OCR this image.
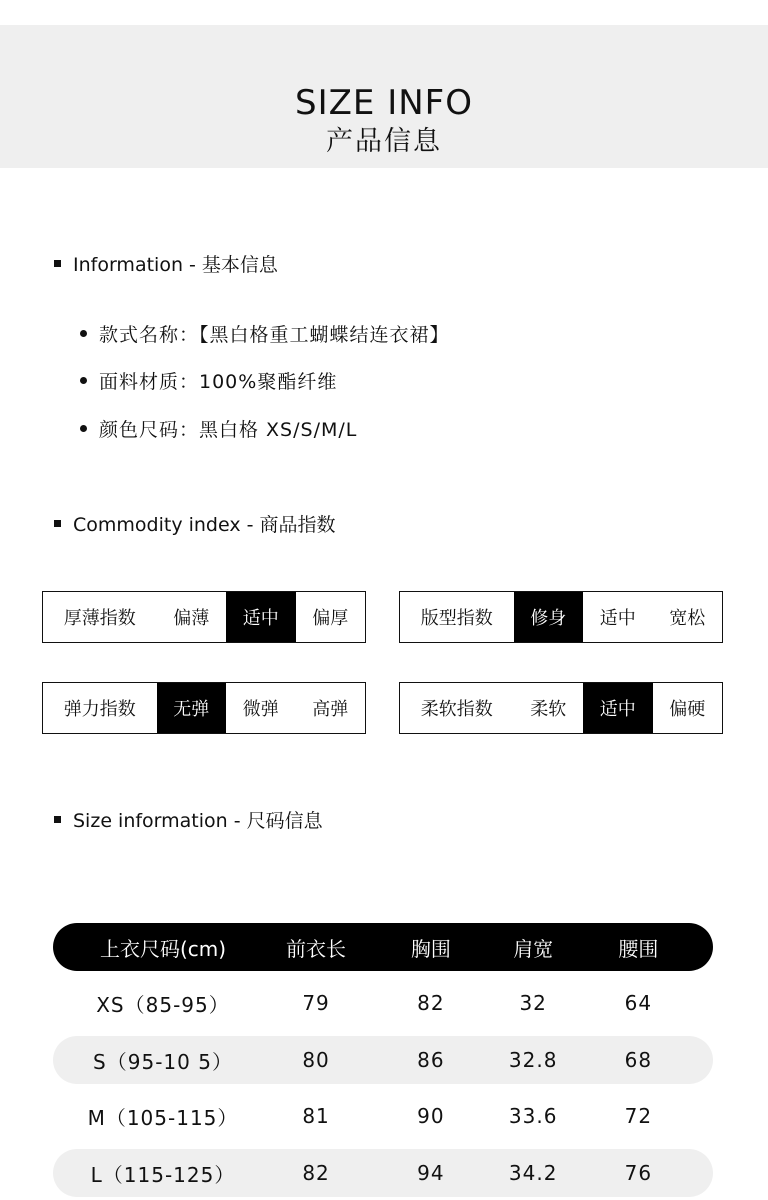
SIZE INFO
产品信息
Information - 基本信息
款式名称：【黑白格重工蝴蝶结连衣裙】
面料材质：100%聚酯纤维
颜色尺码：黑白格 XS/S/M/L
Commodity index - 商品指数
厚薄指数	偏薄	适中	偏厚	版型指数	修身	适中	宽松
弹力指数	无弹	微弹	高弹	柔软指数	柔软	适中	偏硬
Size information - 尺码信息
上衣尺码(cm)	前衣长	胸围	肩宽	腰围
XS（85-95）	79	82	32	64
S（95-10 5）	80	86	32.8	68
M（105-115）	81	90	33.6	72
L（115-125）	82	94	34.2	76
